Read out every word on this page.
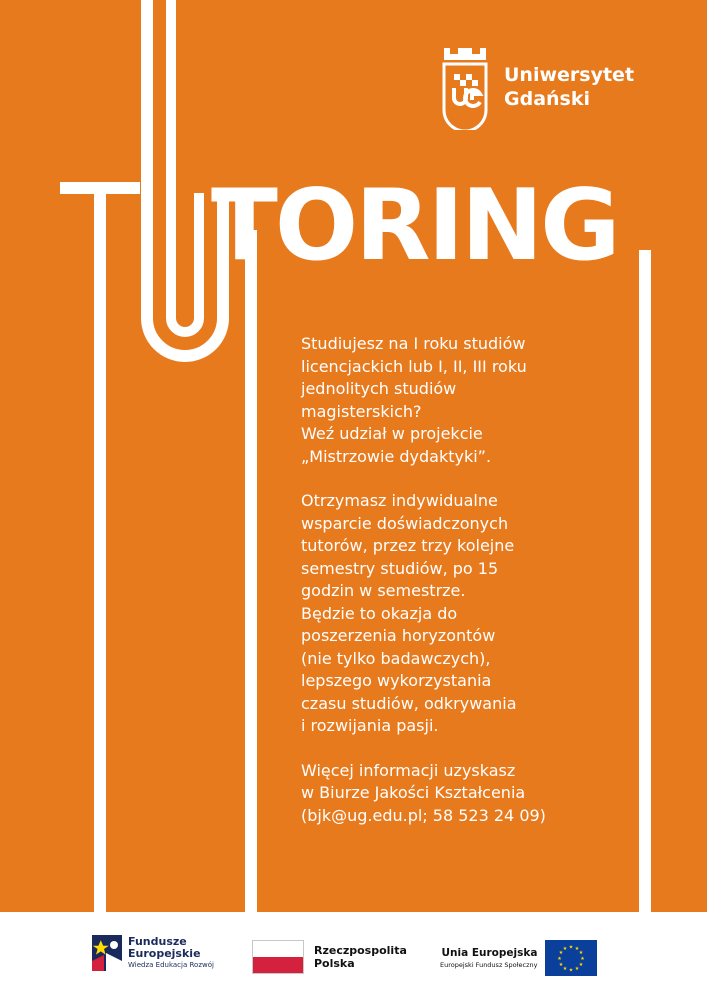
Uniwersytet
Gdański
TORING
Studiujesz na I roku studiów
licencjackich lub I, II, III roku
jednolitych studiów
magisterskich?
Weź udział w projekcie
„Mistrzowie dydaktyki”.
Otrzymasz indywidualne
wsparcie doświadczonych
tutorów, przez trzy kolejne
semestry studiów, po 15
godzin w semestrze.
Będzie to okazja do
poszerzenia horyzontów
(nie tylko badawczych),
lepszego wykorzystania
czasu studiów, odkrywania
i rozwijania pasji.
Więcej informacji uzyskasz
w Biurze Jakości Kształcenia
(bjk@ug.edu.pl; 58 523 24 09)
Fundusze
Europejskie
Wiedza Edukacja Rozwój
Rzeczpospolita
Polska
Unia Europejska
Europejski Fundusz Społeczny
★ ★
★
★
★
★
★
★
★
★
★
★
